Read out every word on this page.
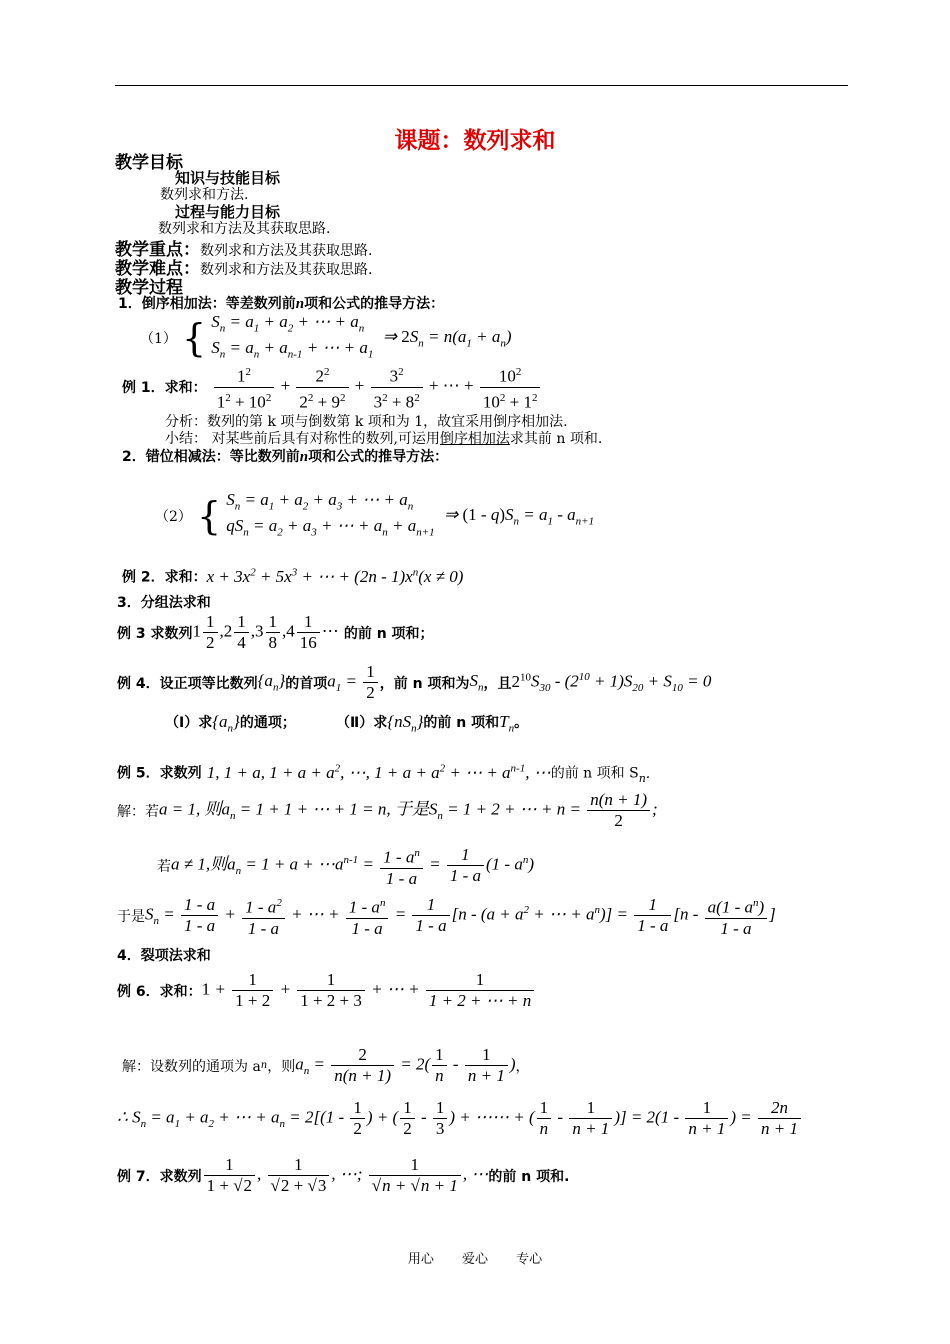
课题：数列求和
教学目标
知识与技能目标
数列求和方法.
过程与能力目标
数列求和方法及其获取思路.
教学重点：数列求和方法及其获取思路.
教学难点：数列求和方法及其获取思路.
教学过程
1．倒序相加法：等差数列前n项和公式的推导方法：
（1） { $S_n = a_1 + a_2$ + ⋯ + $a_n$
$S_n = a_n + a_{n-1}$ + ⋯ + $a_1$  ⇒ $2S_n = n(a_1 + a_n)$
例 1．求和： $\frac{1^2}{1^2 + 10^2} + \frac{2^2}{2^2 + 9^2} + \frac{3^2}{3^2 + 8^2}$ + ⋯ + $\frac{10^2}{10^2 + 1^2}$
分析：数列的第 k 项与倒数第 k 项和为 1，故宜采用倒序相加法.
小结： 对某些前后具有对称性的数列,可运用倒序相加法求其前 n 项和.
2．错位相减法：等比数列前n项和公式的推导方法：
（2） { $S_n = a_1 + a_2 + a_3$ + ⋯ + $a_n$
$qS_n = a_2 + a_3$ + ⋯ + $a_n + a_{n+1}$  ⇒ $(1 - q)S_n = a_1 - a_{n+1}$
例 2．求和：$x + 3x^2 + 5x^3$ + ⋯ + $(2n - 1)x^n(x \ne 0)$
3．分组法求和
例 3 求数列$1 \frac{1}{2} ,2 \frac{1}{4} ,3 \frac{1}{8} ,4 \frac{1}{16}$ ⋯ 的前 n 项和；
例 4．设正项等比数列$\{a_n\}$的首项$a_1 = \frac{1}{2}$ ，前 n 项和为$S_n$，且$2^{10}S_{30} - (2^{10} + 1)S_{20} + S_{10} = 0$
（Ⅰ）求$\{a_n\}$的通项；	（Ⅱ）求$\{nS_n\}$的前 n 项和$T_n$。
例 5．求数列 1, 1 + a, $1 + a + a^2$, ⋯, $1 + a + a^2$ + ⋯ + $a^{n-1}$, ⋯的前 n 项和 $S_n$.
解：若a = 1, 则$a_n = 1 + 1$ + ⋯ + 1 = n, 于是$S_n = 1 + 2$ + ⋯ + $n = \frac{n(n + 1)}{2}$ ;
若a ≠ 1,则$a_n = 1 + a$ + $\cdots a^{n-1} = \frac{1 - a^n}{1 - a} = \frac{1}{1 - a} (1 - a^n)$
于是$S_n = \frac{1 - a}{1 - a} + \frac{1 - a^2}{1 - a}$ + ⋯ + $\frac{1 - a^n}{1 - a} = \frac{1}{1 - a} [n - (a + a^2$ + ⋯ + $a^n)] = \frac{1}{1 - a} [n - \frac{a(1 - a^n)}{1 - a}$ ]
4．裂项法求和
例 6．求和：$1 + \frac{1}{1 + 2} + \frac{1}{1 + 2 + 3}$ + ⋯ + $\frac{1}{1 + 2 + \cdots + n}$
解：设数列的通项为 an，则$a_n = \frac{2}{n(n + 1)} = 2( \frac{1}{n} - \frac{1}{n + 1}$ )，
∴ $S_n = a_1 + a_2$ + ⋯ + $a_n = 2[(1 - \frac{1}{2}$ ) + ( $\frac{1}{2} - \frac{1}{3}$ ) + ⋯⋯ + ( $\frac{1}{n} - \frac{1}{n + 1}$ )] = $2(1 - \frac{1}{n + 1}$ ) = $\frac{2n}{n + 1}$
例 7．求数列 $\frac{1}{1 + √2}$ , $\frac{1}{√2 + √3}$ , ⋯; $\frac{1}{√n + √n + 1}$ , ⋯的前 n 项和.
用心 爱心 专心
